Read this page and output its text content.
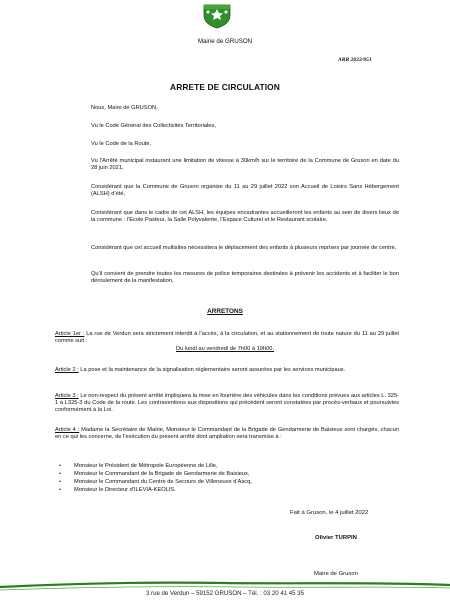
Mairie de GRUSON
ARR 2022/051
ARRETE DE CIRCULATION
Nous, Maire de GRUSON,
Vu le Code Général des Collectivités Territoriales,
Vu le Code de la Route,
Vu l’Arrêté municipal instaurant une limitation de vitesse à 30km/h sur le territoire de la Commune de Gruson en date du 28 juin 2021,
Considérant que la Commune de Gruson organise du 11 au 29 juillet 2022 son Accueil de Loisirs Sans Hébergement (ALSH) d’été,
Considérant que dans le cadre de cet ALSH, les équipes encadrantes accueilleront les enfants au sein de divers lieux de la commune : l’Ecole Pasteur, la Salle Polyvalente, l’Espace Culturel et le Restaurant scolaire,
Considérant que cet accueil multisites nécessitera le déplacement des enfants à plusieurs reprises par journée de centre,
Qu’il convient de prendre toutes les mesures de police temporaires destinées à prévenir les accidents et à faciliter le bon déroulement de la manifestation,
ARRETONS
Article 1er : La rue de Verdun sera strictement interdit à l’accès, à la circulation, et au stationnement de toute nature du 11 au 29 juillet comme suit :
Du lundi au vendredi de 7h00 à 19h00.
Article 2 : La pose et la maintenance de la signalisation réglementaire seront assurées par les services municipaux.
Article 3 : Le non-respect du présent arrêté impliquera la mise en fourrière des véhicules dans les conditions prévues aux articles L. 325-1 à L325-3 du Code de la route. Les contraventions aux dispositions qui précèdent seront constatées par procès-verbaux et poursuivies conformément à la Loi.
Article 4 : Madame la Secrétaire de Mairie, Monsieur le Commandant de la Brigade de Gendarmerie de Baisieux sont chargés, chacun en ce qui les concerne, de l’exécution du présent arrêté dont ampliation sera transmise à :
• Monsieur le Président de Métropole Européenne de Lille,
• Monsieur le Commandant de la Brigade de Gendarmerie de Baisieux,
• Monsieur le Commandant du Centre de Secours de Villeneuve d’Ascq,
• Monsieur le Directeur d’ILEVIA-KEOLIS.
Fait à Gruson, le 4 juillet 2022
Olivier TURPIN
Maire de Gruson
3 rue de Verdun – 59152 GRUSON – Tél. : 03 20 41 45 35
